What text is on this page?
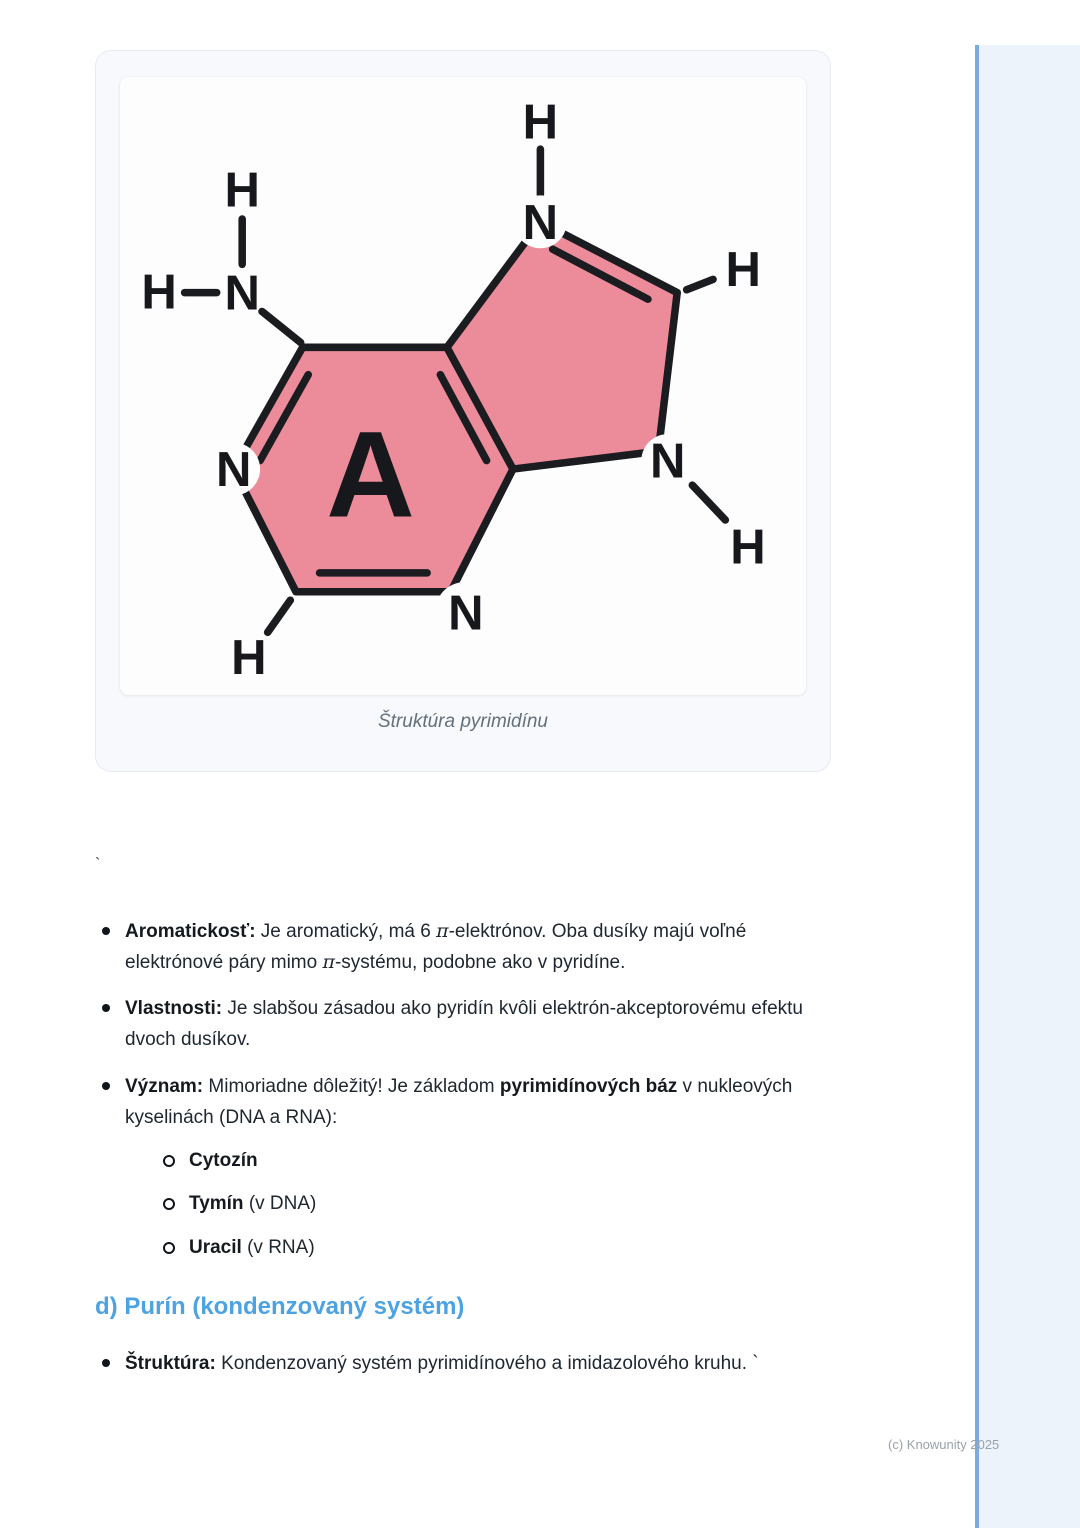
H
H N
N
N
H
H
N
H
N
H
A
Štruktúra pyrimidínu
`
Aromatickosť: Je aromatický, má 6 π-elektrónov. Oba dusíky majú voľné elektrónové páry mimo π-systému, podobne ako v pyridíne.
Vlastnosti: Je slabšou zásadou ako pyridín kvôli elektrón-akceptorovému efektu dvoch dusíkov.
Význam: Mimoriadne dôležitý! Je základom pyrimidínových báz v nukleových kyselinách (DNA a RNA):
Cytozín
Tymín (v DNA)
Uracil (v RNA)
d) Purín (kondenzovaný systém)
Štruktúra: Kondenzovaný systém pyrimidínového a imidazolového kruhu. `
(c) Knowunity 2025
